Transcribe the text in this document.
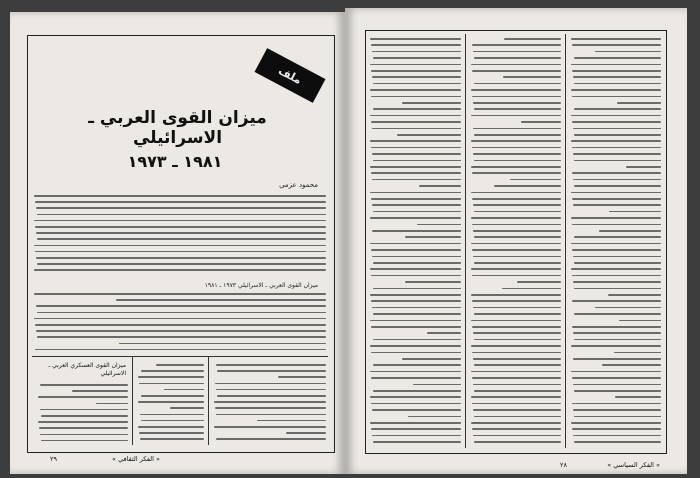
ملف
ميزان القوى العربي ـ الاسرائيلي
١٩٨١ ـ ١٩٧٣
محمود عزمي
ميزان القوى العربي ـ الاسرائيلي ١٩٧٣ ـ ١٩٨١
ميزان القوى العسكري العربي ـ الاسرائيلي
« الفكر الثقافي »
٢٩
« الفكر السياسي »
٢٨
